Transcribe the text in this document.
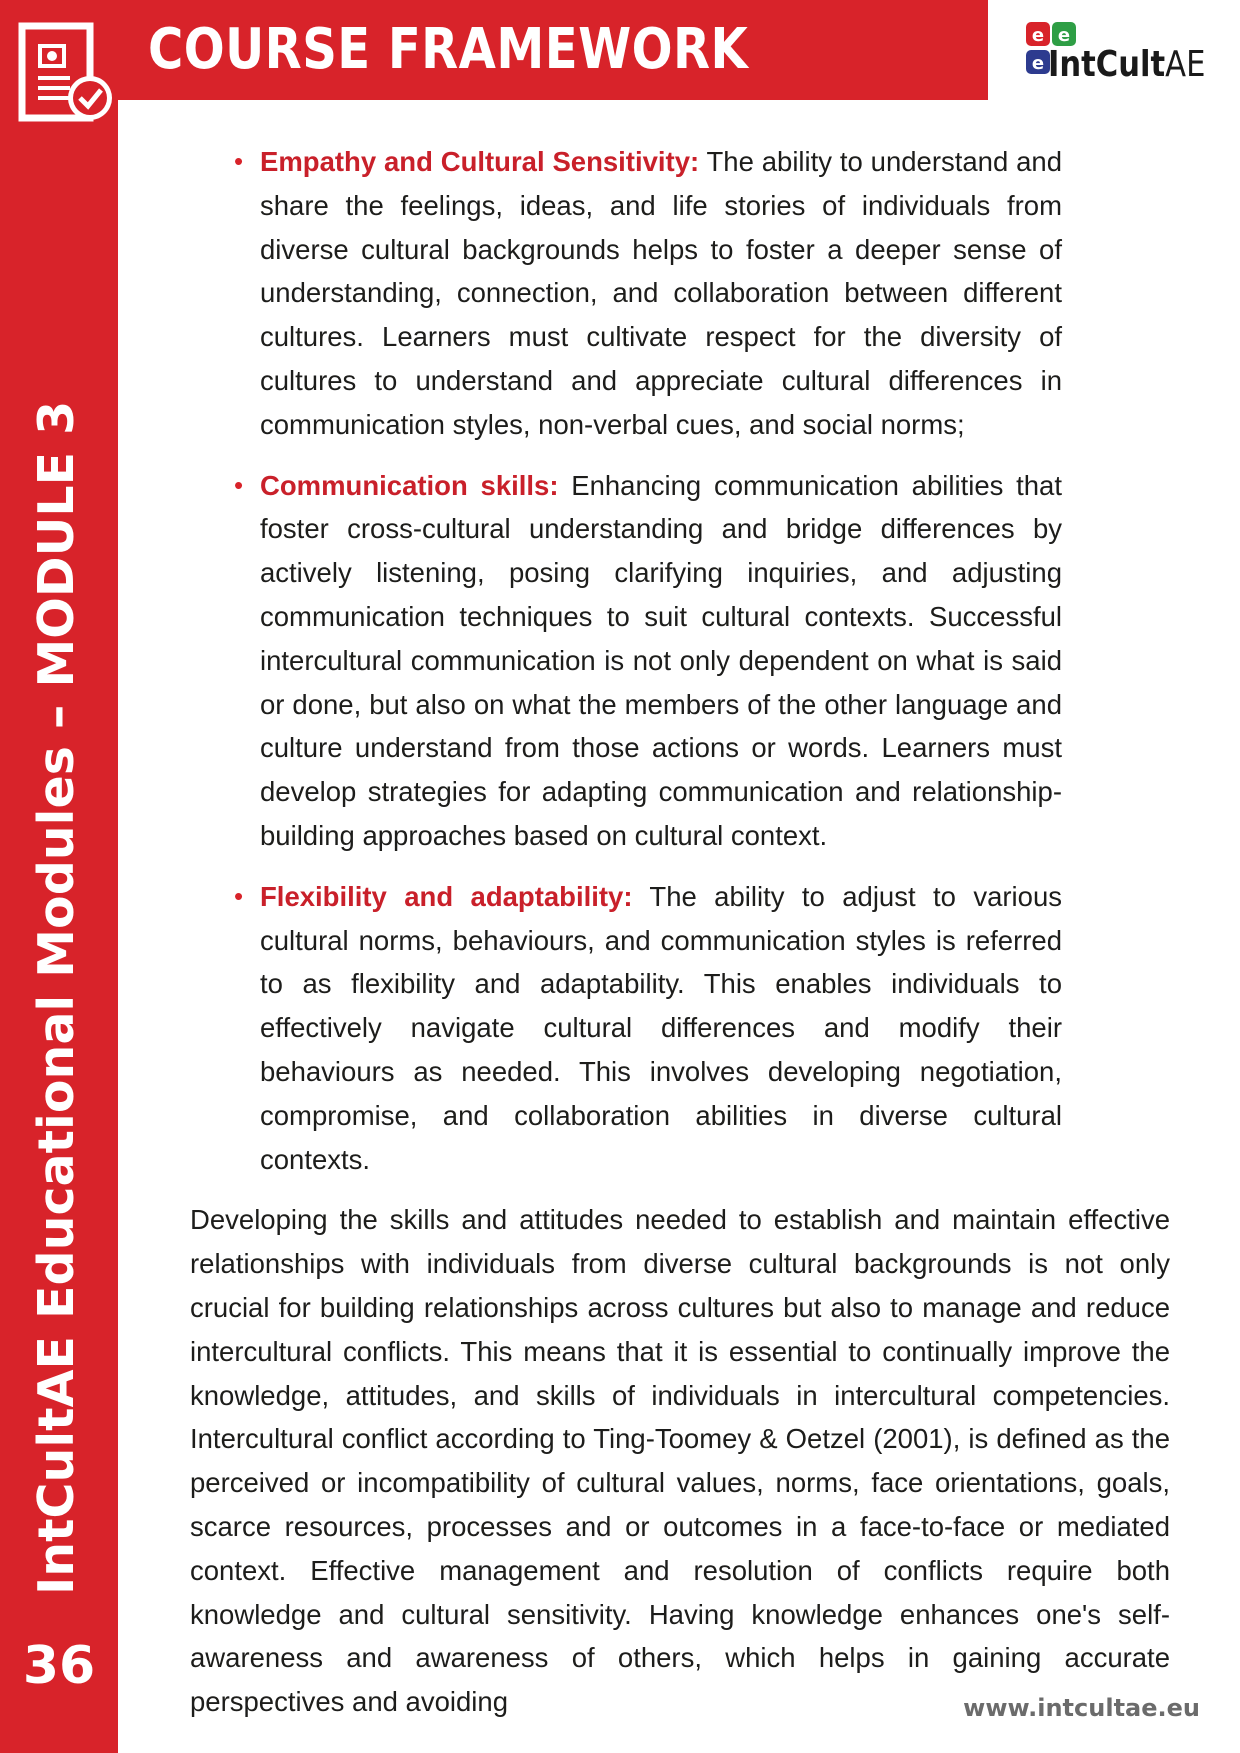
COURSE FRAMEWORK	e e
e IntCultAE
IntCultAE Educational Modules – MODULE 3
36
• Empathy and Cultural Sensitivity: The ability to understand and share the feelings, ideas, and life stories of individuals from diverse cultural backgrounds helps to foster a deeper sense of understanding, connection, and collaboration between different cultures. Learners must cultivate respect for the diversity of cultures to understand and appreciate cultural differences in communication styles, non-verbal cues, and social norms;
• Communication skills: Enhancing communication abilities that foster cross-cultural understanding and bridge differences by actively listening, posing clarifying inquiries, and adjusting communication techniques to suit cultural contexts. Successful intercultural communication is not only dependent on what is said or done, but also on what the members of the other language and culture understand from those actions or words. Learners must develop strategies for adapting communication and relationship-building approaches based on cultural context.
• Flexibility and adaptability: The ability to adjust to various cultural norms, behaviours, and communication styles is referred to as flexibility and adaptability. This enables individuals to effectively navigate cultural differences and modify their behaviours as needed. This involves developing negotiation, compromise, and collaboration abilities in diverse cultural contexts.

Developing the skills and attitudes needed to establish and maintain effective relationships with individuals from diverse cultural backgrounds is not only crucial for building relationships across cultures but also to manage and reduce intercultural conflicts. This means that it is essential to continually improve the knowledge, attitudes, and skills of individuals in intercultural competencies. Intercultural conflict according to Ting-Toomey & Oetzel (2001), is defined as the perceived or incompatibility of cultural values, norms, face orientations, goals, scarce resources, processes and or outcomes in a face-to-face or mediated context. Effective management and resolution of conflicts require both knowledge and cultural sensitivity. Having knowledge enhances one's self-awareness and awareness of others, which helps in gaining accurate perspectives and avoiding	www.intcultae.eu
